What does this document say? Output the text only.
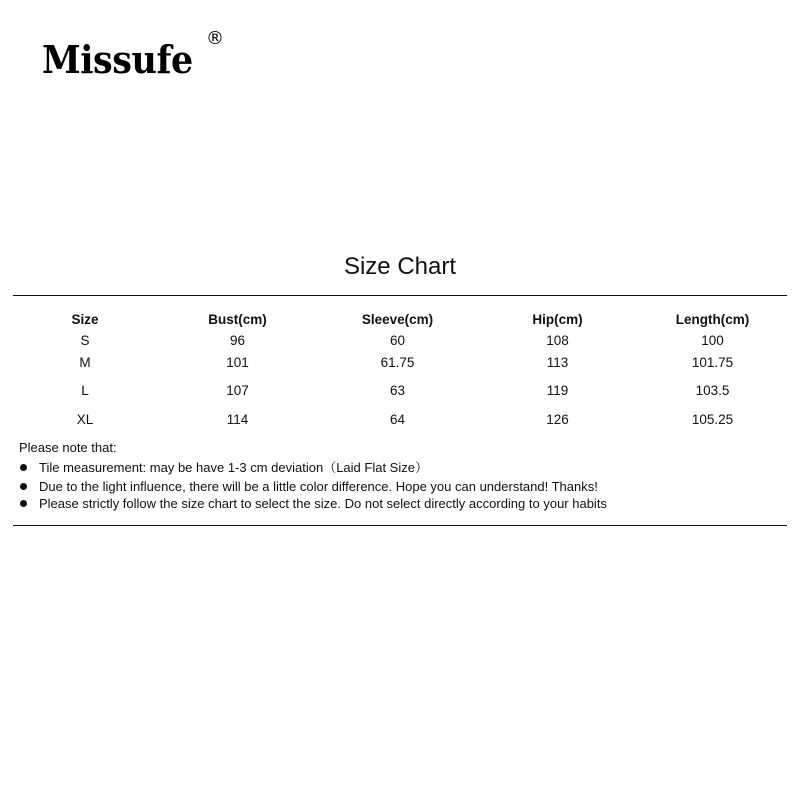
Missufe ®
Size Chart
Size	Bust(cm)	Sleeve(cm)	Hip(cm)	Length(cm)
S	96	60	108	100
M	101	61.75	113	101.75
L	107	63	119	103.5
XL	114	64	126	105.25
Please note that:
Tile measurement: may be have 1-3 cm deviation（Laid Flat Size）
Due to the light influence, there will be a little color difference. Hope you can understand! Thanks!
Please strictly follow the size chart to select the size. Do not select directly according to your habits
